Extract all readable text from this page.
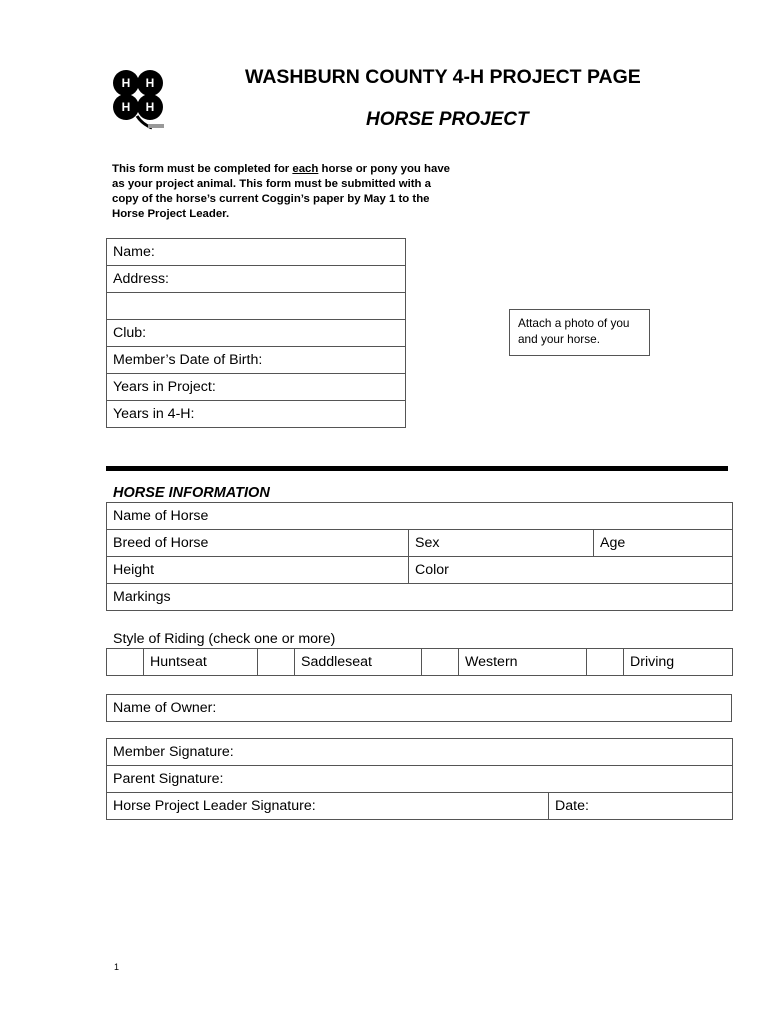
H H
H H
WASHBURN COUNTY 4-H PROJECT PAGE
HORSE PROJECT
This form must be completed for each horse or pony you have as your project animal. This form must be submitted with a copy of the horse’s current Coggin’s paper by May 1 to the Horse Project Leader.
Name:
Address:

Club:
Member’s Date of Birth:
Years in Project:
Years in 4-H:
Attach a photo of you and your horse.
HORSE INFORMATION
Name of Horse		
Breed of Horse	Sex	Age
Height	Color	
Markings		
Style of Riding (check one or more)
	Huntseat		Saddleseat		Western		Driving
Name of Owner:
Member Signature:
Parent Signature:
Horse Project Leader Signature:	Date:
1
